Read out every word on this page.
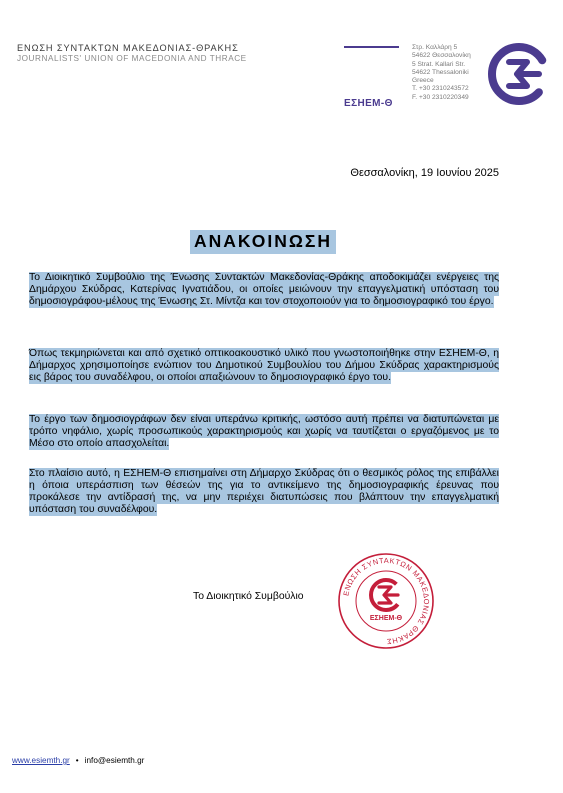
ΕΝΩΣΗ ΣΥΝΤΑΚΤΩΝ ΜΑΚΕΔΟΝΙΑΣ-ΘΡΑΚΗΣ
JOURNALISTS' UNION OF MACEDONIA AND THRACE
ΕΣΗΕΜ-Θ
Στρ. Καλλάρη 5
54622 Θεσσαλονίκη
5 Strat. Kallari Str.
54622 Thessaloniki
Greece
T. +30 2310243572
F. +30 2310220349
Θεσσαλονίκη, 19 Ιουνίου 2025
ΑΝΑΚΟΙΝΩΣΗ
Το Διοικητικό Συμβούλιο της Ένωσης Συντακτών Μακεδονίας-Θράκης αποδοκιμάζει ενέργειες της Δημάρχου Σκύδρας, Κατερίνας Ιγνατιάδου, οι οποίες μειώνουν την επαγγελματική υπόσταση του δημοσιογράφου-μέλους της Ένωσης Στ. Μίντζα και τον στοχοποιούν για το δημοσιογραφικό του έργο.
Όπως τεκμηριώνεται και από σχετικό οπτικοακουστικό υλικό που γνωστοποιήθηκε στην ΕΣΗΕΜ-Θ, η Δήμαρχος χρησιμοποίησε ενώπιον του Δημοτικού Συμβουλίου του Δήμου Σκύδρας χαρακτηρισμούς εις βάρος του συναδέλφου, οι οποίοι απαξιώνουν το δημοσιογραφικό έργο του.
Το έργο των δημοσιογράφων δεν είναι υπεράνω κριτικής, ωστόσο αυτή πρέπει να διατυπώνεται με τρόπο νηφάλιο, χωρίς προσωπικούς χαρακτηρισμούς και χωρίς να ταυτίζεται ο εργαζόμενος με το Μέσο στο οποίο απασχολείται.
Στο πλαίσιο αυτό, η ΕΣΗΕΜ-Θ επισημαίνει στη Δήμαρχο Σκύδρας ότι ο θεσμικός ρόλος της επιβάλλει η όποια υπεράσπιση των θέσεών της για το αντικείμενο της δημοσιογραφικής έρευνας που προκάλεσε την αντίδρασή της, να μην περιέχει διατυπώσεις που βλάπτουν την επαγγελματική υπόσταση του συναδέλφου.
Το Διοικητικό Συμβούλιο	ΕΝΩΣΗ ΣΥΝΤΑΚΤΩΝ ΜΑΚΕΔΟΝΙΑΣ ΘΡΑΚΗΣ
ΕΣΗΕΜ-Θ
www.esiemth.gr • info@esiemth.gr
